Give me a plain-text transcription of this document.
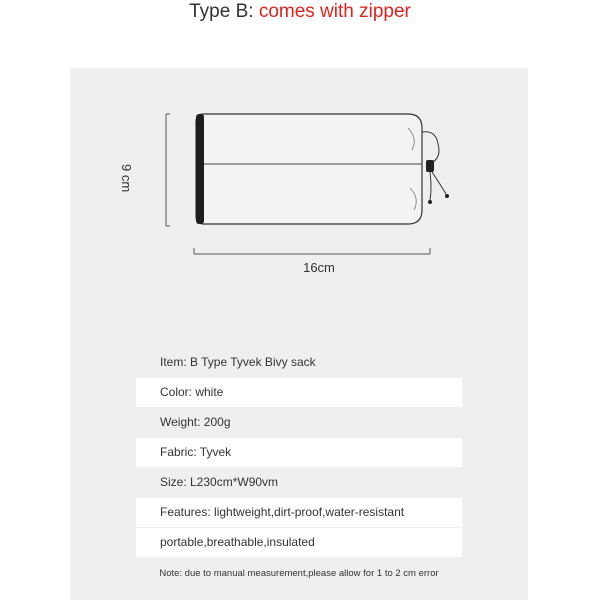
Type B: comes with zipper
9 cm
16cm
Item: B Type Tyvek Bivy sack
Color: white
Weight: 200g
Fabric: Tyvek
Size: L230cm*W90vm
Features: lightweight,dirt-proof,water-resistant
portable,breathable,insulated
Note: due to manual measurement,please allow for 1 to 2 cm error
